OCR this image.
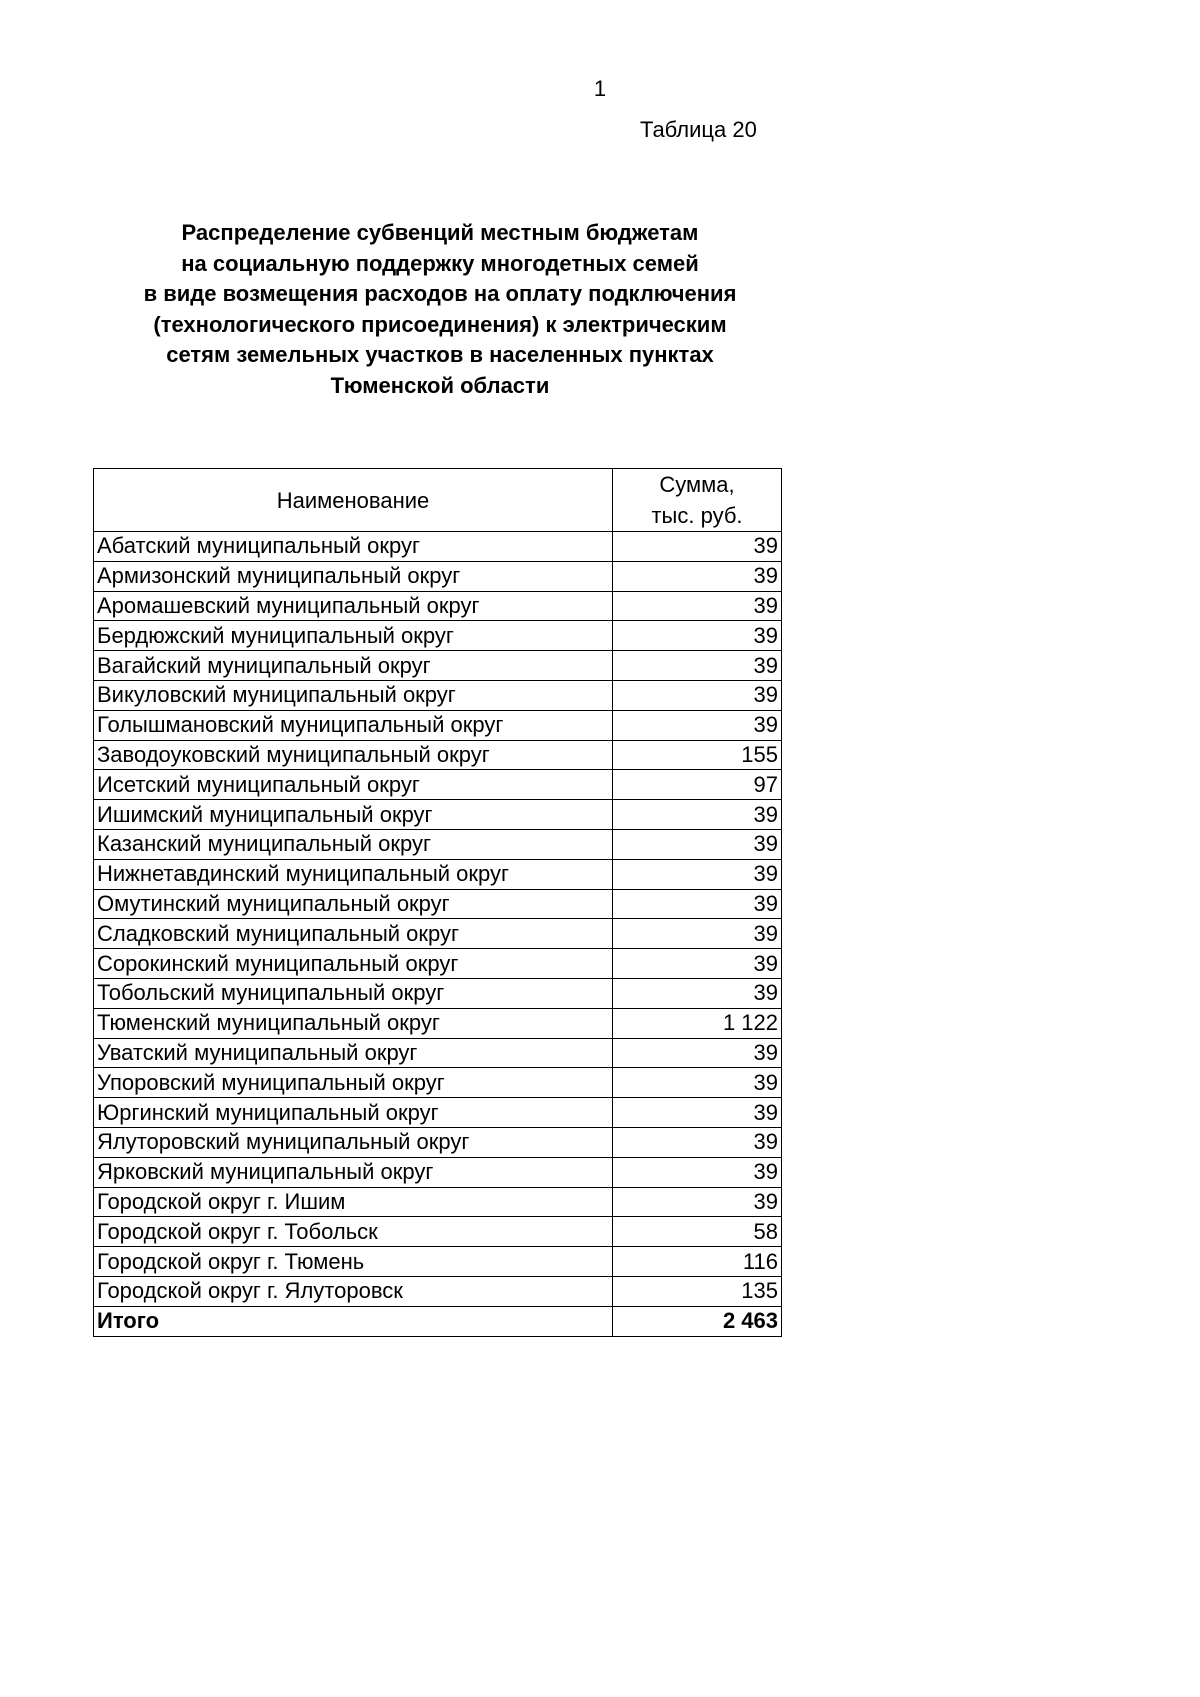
1
Таблица 20
Распределение субвенций местным бюджетам
на социальную поддержку многодетных семей
в виде возмещения расходов на оплату подключения
(технологического присоединения) к электрическим
сетям земельных участков в населенных пунктах
Тюменской области
Наименование	Сумма,
тыс. руб.
Абатский муниципальный округ	39
Армизонский муниципальный округ	39
Аромашевский муниципальный округ	39
Бердюжский муниципальный округ	39
Вагайский муниципальный округ	39
Викуловский муниципальный округ	39
Голышмановский муниципальный округ	39
Заводоуковский муниципальный округ	155
Исетский муниципальный округ	97
Ишимский муниципальный округ	39
Казанский муниципальный округ	39
Нижнетавдинский муниципальный округ	39
Омутинский муниципальный округ	39
Сладковский муниципальный округ	39
Сорокинский муниципальный округ	39
Тобольский муниципальный округ	39
Тюменский муниципальный округ	1 122
Уватский муниципальный округ	39
Упоровский муниципальный округ	39
Юргинский муниципальный округ	39
Ялуторовский муниципальный округ	39
Ярковский муниципальный округ	39
Городской округ г. Ишим	39
Городской округ г. Тобольск	58
Городской округ г. Тюмень	116
Городской округ г. Ялуторовск	135
Итого	2 463
